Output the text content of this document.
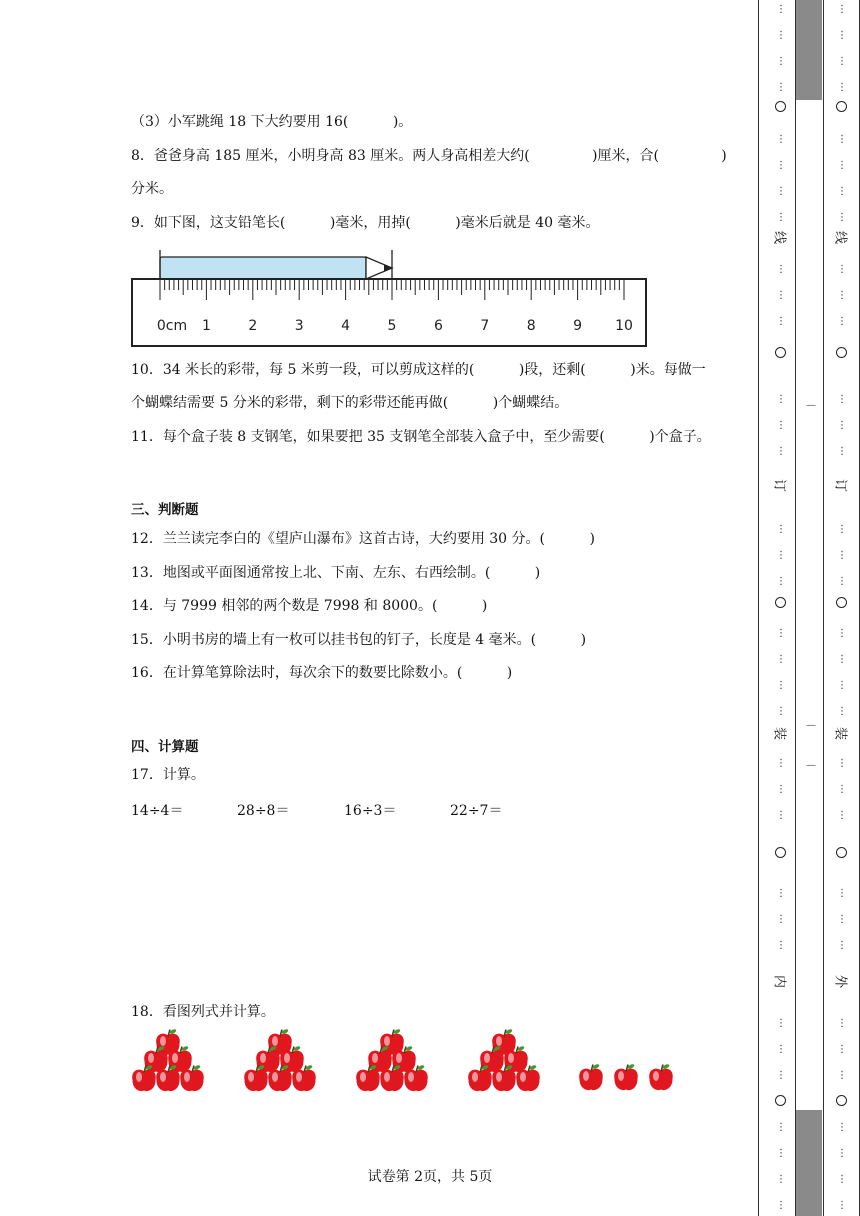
（3）小军跳绳 18 下大约要用 16(          )。
8．爸爸身高 185 厘米，小明身高 83 厘米。两人身高相差大约(              )厘米，合(              )
分米。
9．如下图，这支铅笔长(          )毫米，用掉(          )毫米后就是 40 毫米。
0cm 1	2	3	4	5	6	7	8	9 10
10．34 米长的彩带，每 5 米剪一段，可以剪成这样的(          )段，还剩(          )米。每做一
个蝴蝶结需要 5 分米的彩带，剩下的彩带还能再做(          )个蝴蝶结。
11．每个盒子装 8 支钢笔，如果要把 35 支钢笔全部装入盒子中，至少需要(          )个盒子。
三、判断题
12．兰兰读完李白的《望庐山瀑布》这首古诗，大约要用 30 分。(          )
13．地图或平面图通常按上北、下南、左东、右西绘制。(          )
14．与 7999 相邻的两个数是 7998 和 8000。(          )
15．小明书房的墙上有一枚可以挂书包的钉子，长度是 4 毫米。(          )
16．在计算笔算除法时，每次余下的数要比除数小。(          )
四、计算题
17．计算。
14÷4＝	28÷8＝	16÷3＝	22÷7＝
18．看图列式并计算。
试卷第 2页，共 5页
⋮
⋮
⋮
⋮
⋮
⋮
⋮
⋮
⋮
⋮
⋮
⋮
⋮
⋮
⋮
⋮
⋮
⋮
⋮
⋮
⋮
⋮
⋮
⋮
⋮
⋮
⋮
⋮
⋮
⋮
⋮
⋮
⋮
⋮
线
订
装
内
⋮
⋮
⋮
⋮
⋮
⋮
⋮
⋮
⋮
⋮
⋮
⋮
⋮
⋮
⋮
⋮
⋮
⋮
⋮
⋮
⋮
⋮
⋮
⋮
⋮
⋮
⋮
⋮
⋮
⋮
⋮
⋮
⋮
⋮
线
订
装
外
—
—
—
